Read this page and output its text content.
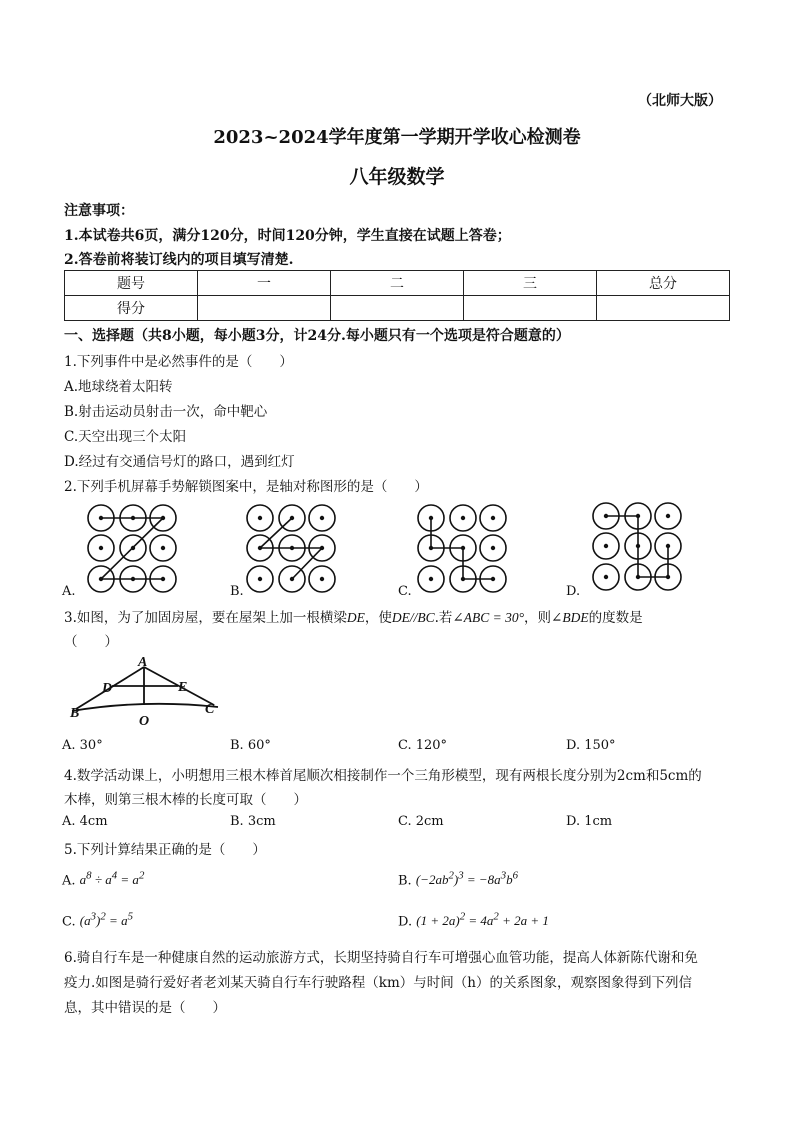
（北师大版）
2023~2024学年度第一学期开学收心检测卷
八年级数学
注意事项：
1.本试卷共6页，满分120分，时间120分钟，学生直接在试题上答卷；
2.答卷前将装订线内的项目填写清楚.
题号	一	二	三	总分
得分				
一、选择题（共8小题，每小题3分，计24分.每小题只有一个选项是符合题意的）
1.下列事件中是必然事件的是（　　）
A.地球绕着太阳转
B.射击运动员射击一次，命中靶心
C.天空出现三个太阳
D.经过有交通信号灯的路口，遇到红灯
2.下列手机屏幕手势解锁图案中，是轴对称图形的是（　　）
A.	B.	C.	D.
3.如图，为了加固房屋，要在屋架上加一根横梁DE，使DE//BC.若∠ABC = 30°，则∠BDE的度数是
（　　）
A
D	E
B
O
C
A. 30°	B. 60°	C. 120°	D. 150°
4.数学活动课上，小明想用三根木棒首尾顺次相接制作一个三角形模型，现有两根长度分别为2cm和5cm的
木棒，则第三根木棒的长度可取（　　）
A. 4cm	B. 3cm	C. 2cm	D. 1cm
5.下列计算结果正确的是（　　）
A. $a^8 \div a^4 = a^2$	B. $(-2ab^2)^3 = -8a^3b^6$
C. $(a^3)^2 = a^5$	D. $(1 + 2a)^2 = 4a^2 + 2a + 1$
6.骑自行车是一种健康自然的运动旅游方式，长期坚持骑自行车可增强心血管功能，提高人体新陈代谢和免
疫力.如图是骑行爱好者老刘某天骑自行车行驶路程（km）与时间（h）的关系图象，观察图象得到下列信
息，其中错误的是（　　）
